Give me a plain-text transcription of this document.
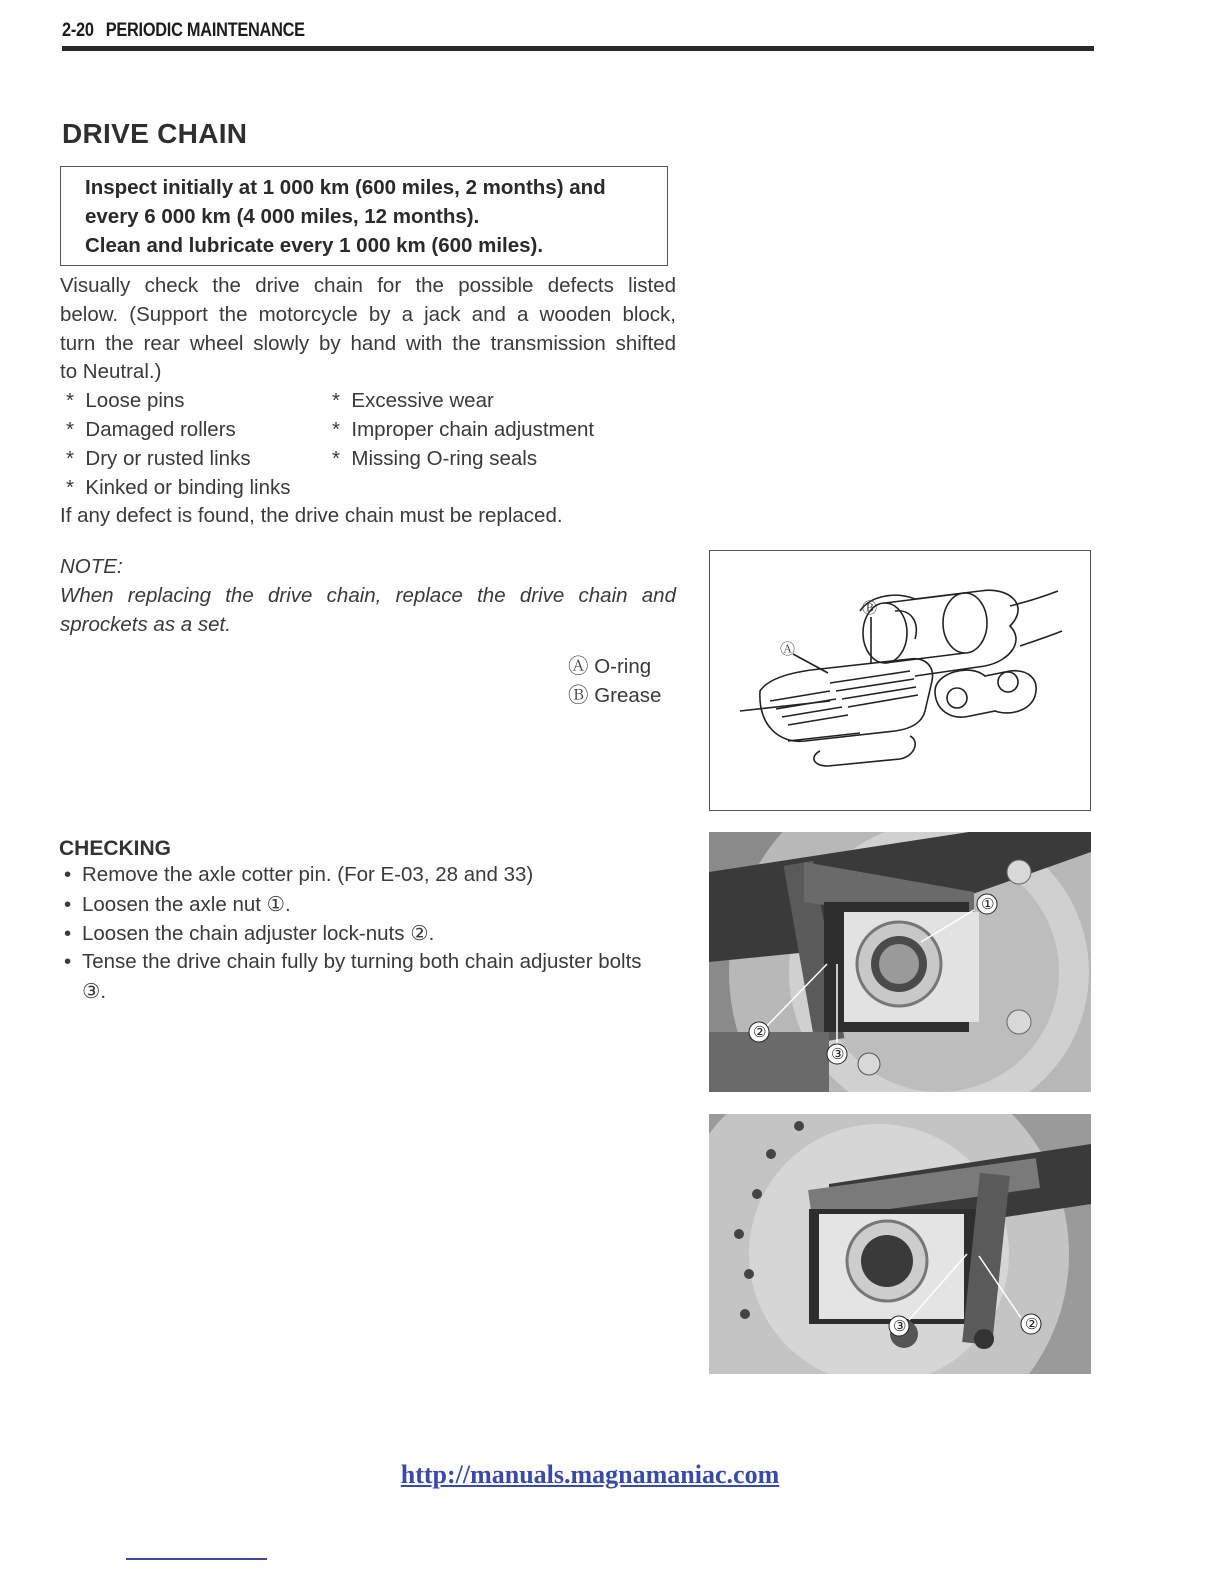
2-20 PERIODIC MAINTENANCE
DRIVE CHAIN
Inspect initially at 1 000 km (600 miles, 2 months) and
every 6 000 km (4 000 miles, 12 months).
Clean and lubricate every 1 000 km (600 miles).
Visually check the drive chain for the possible defects listed
below. (Support the motorcycle by a jack and a wooden block,
turn the rear wheel slowly by hand with the transmission shifted
to Neutral.)
* Loose pins
* Damaged rollers
* Dry or rusted links
* Kinked or binding links
* Excessive wear
* Improper chain adjustment
* Missing O-ring seals
If any defect is found, the drive chain must be replaced.
NOTE:
When replacing the drive chain, replace the drive chain and
sprockets as a set.
Ⓐ O-ring
Ⓑ Grease
Ⓐ
Ⓑ
CHECKING
• Remove the axle cotter pin. (For E-03, 28 and 33)
• Loosen the axle nut ①.
• Loosen the chain adjuster lock-nuts ②.
• Tense the drive chain fully by turning both chain adjuster bolts
③.
①
②
③
③	②
http://manuals.magnamaniac.com
